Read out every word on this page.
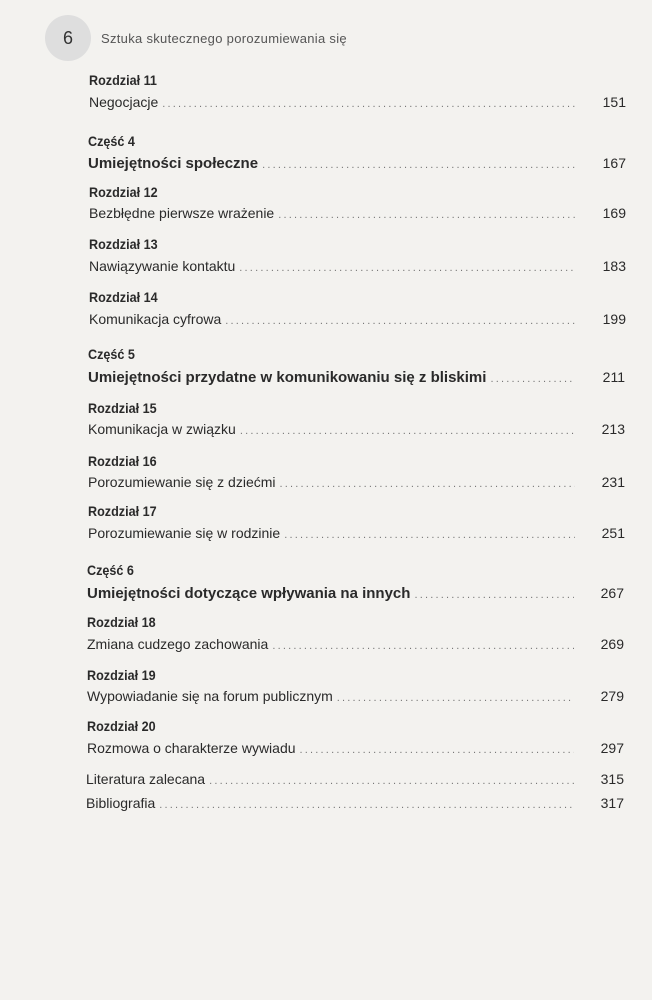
6 Sztuka skutecznego porozumiewania się
Rozdział 11
Negocjacje .....	151
Część 4
Umiejętności społeczne .....	167
Rozdział 12
Bezbłędne pierwsze wrażenie .....	169
Rozdział 13
Nawiązywanie kontaktu .....	183
Rozdział 14
Komunikacja cyfrowa .....	199
Część 5
Umiejętności przydatne w komunikowaniu się z bliskimi .....	211
Rozdział 15
Komunikacja w związku .....	213
Rozdział 16
Porozumiewanie się z dziećmi .....	231
Rozdział 17
Porozumiewanie się w rodzinie .....	251
Część 6
Umiejętności dotyczące wpływania na innych .....	267
Rozdział 18
Zmiana cudzego zachowania .....	269
Rozdział 19
Wypowiadanie się na forum publicznym .....	279
Rozdział 20
Rozmowa o charakterze wywiadu .....	297
Literatura zalecana .....	315
Bibliografia .....	317
